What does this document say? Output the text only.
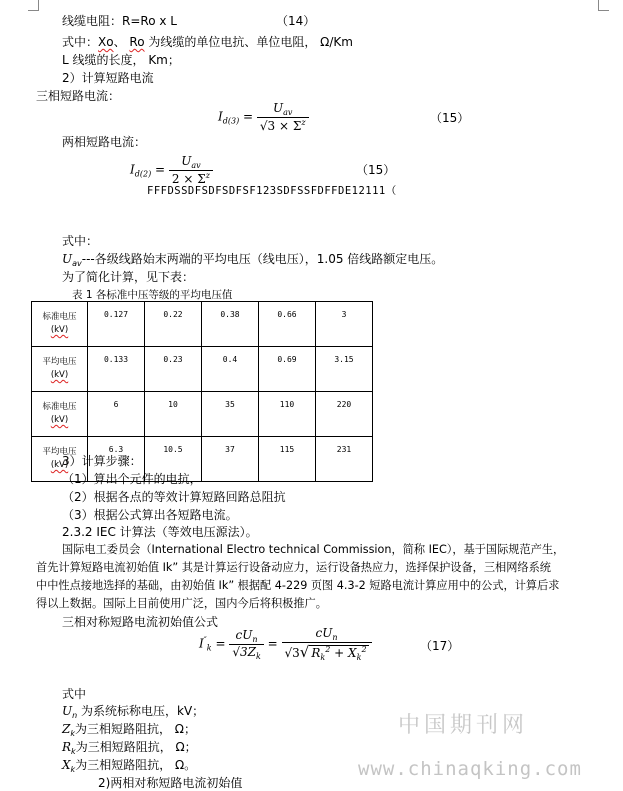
线缆电阻：R=Ro x L	（14）
式中：Xo、 Ro 为线缆的单位电抗、单位电阻， Ω/Km
L 线缆的长度， Km；
2）计算短路电流
三相短路电流：
$I_{d(3)} = \frac{U_{av}}{√3 \times \Sigma^z}$	（15）
两相短路电流：
$I_{d(2)} = \frac{U_{av}}{2 \times \Sigma^z}$	（15）
FFFDSSDFSDFSDFSF123SDFSSFDFFDE12111（
式中：
$U_{av}---$各级线路始末两端的平均电压（线电压），1.05 倍线路额定电压。
为了简化计算，见下表：
表 1 各标准中压等级的平均电压值
标准电压
(kV)	0.127	0.22	0.38	0.66	3
平均电压
(kV)	0.133	0.23	0.4	0.69	3.15
标准电压
(kV)	6	10	35	110	220
平均电压
(kV)	6.3	10.5	37	115	231
3）计算步骤：
（1）算出个元件的电抗，
（2）根据各点的等效计算短路回路总阻抗
（3）根据公式算出各短路电流。
2.3.2 IEC 计算法（等效电压源法）。
国际电工委员会（International Electro technical Commission，简称 IEC），基于国际规范产生，
首先计算短路电流初始值 Ik” 其是计算运行设备动应力，运行设备热应力，选择保护设备，三相网络系统
中中性点接地选择的基础，由初始值 Ik” 根据配 4-229 页图 4.3-2 短路电流计算应用中的公式，计算后求
得以上数据。国际上目前使用广泛，国内今后将积极推广。
三相对称短路电流初始值公式
$I''_k = \frac{cU_n}{√3Z_k} = \frac{cU_n}{√3√ R_k^2 + X_k^2}$	（17）
式中
$U_n$ 为系统标称电压，kV；
$Z_k$为三相短路阻抗， Ω；
$R_k$为三相短路阻抗， Ω；
$X_k$为三相短路阻抗， Ω。
2)两相对称短路电流初始值
中国期刊网
www.chinaqking.com
